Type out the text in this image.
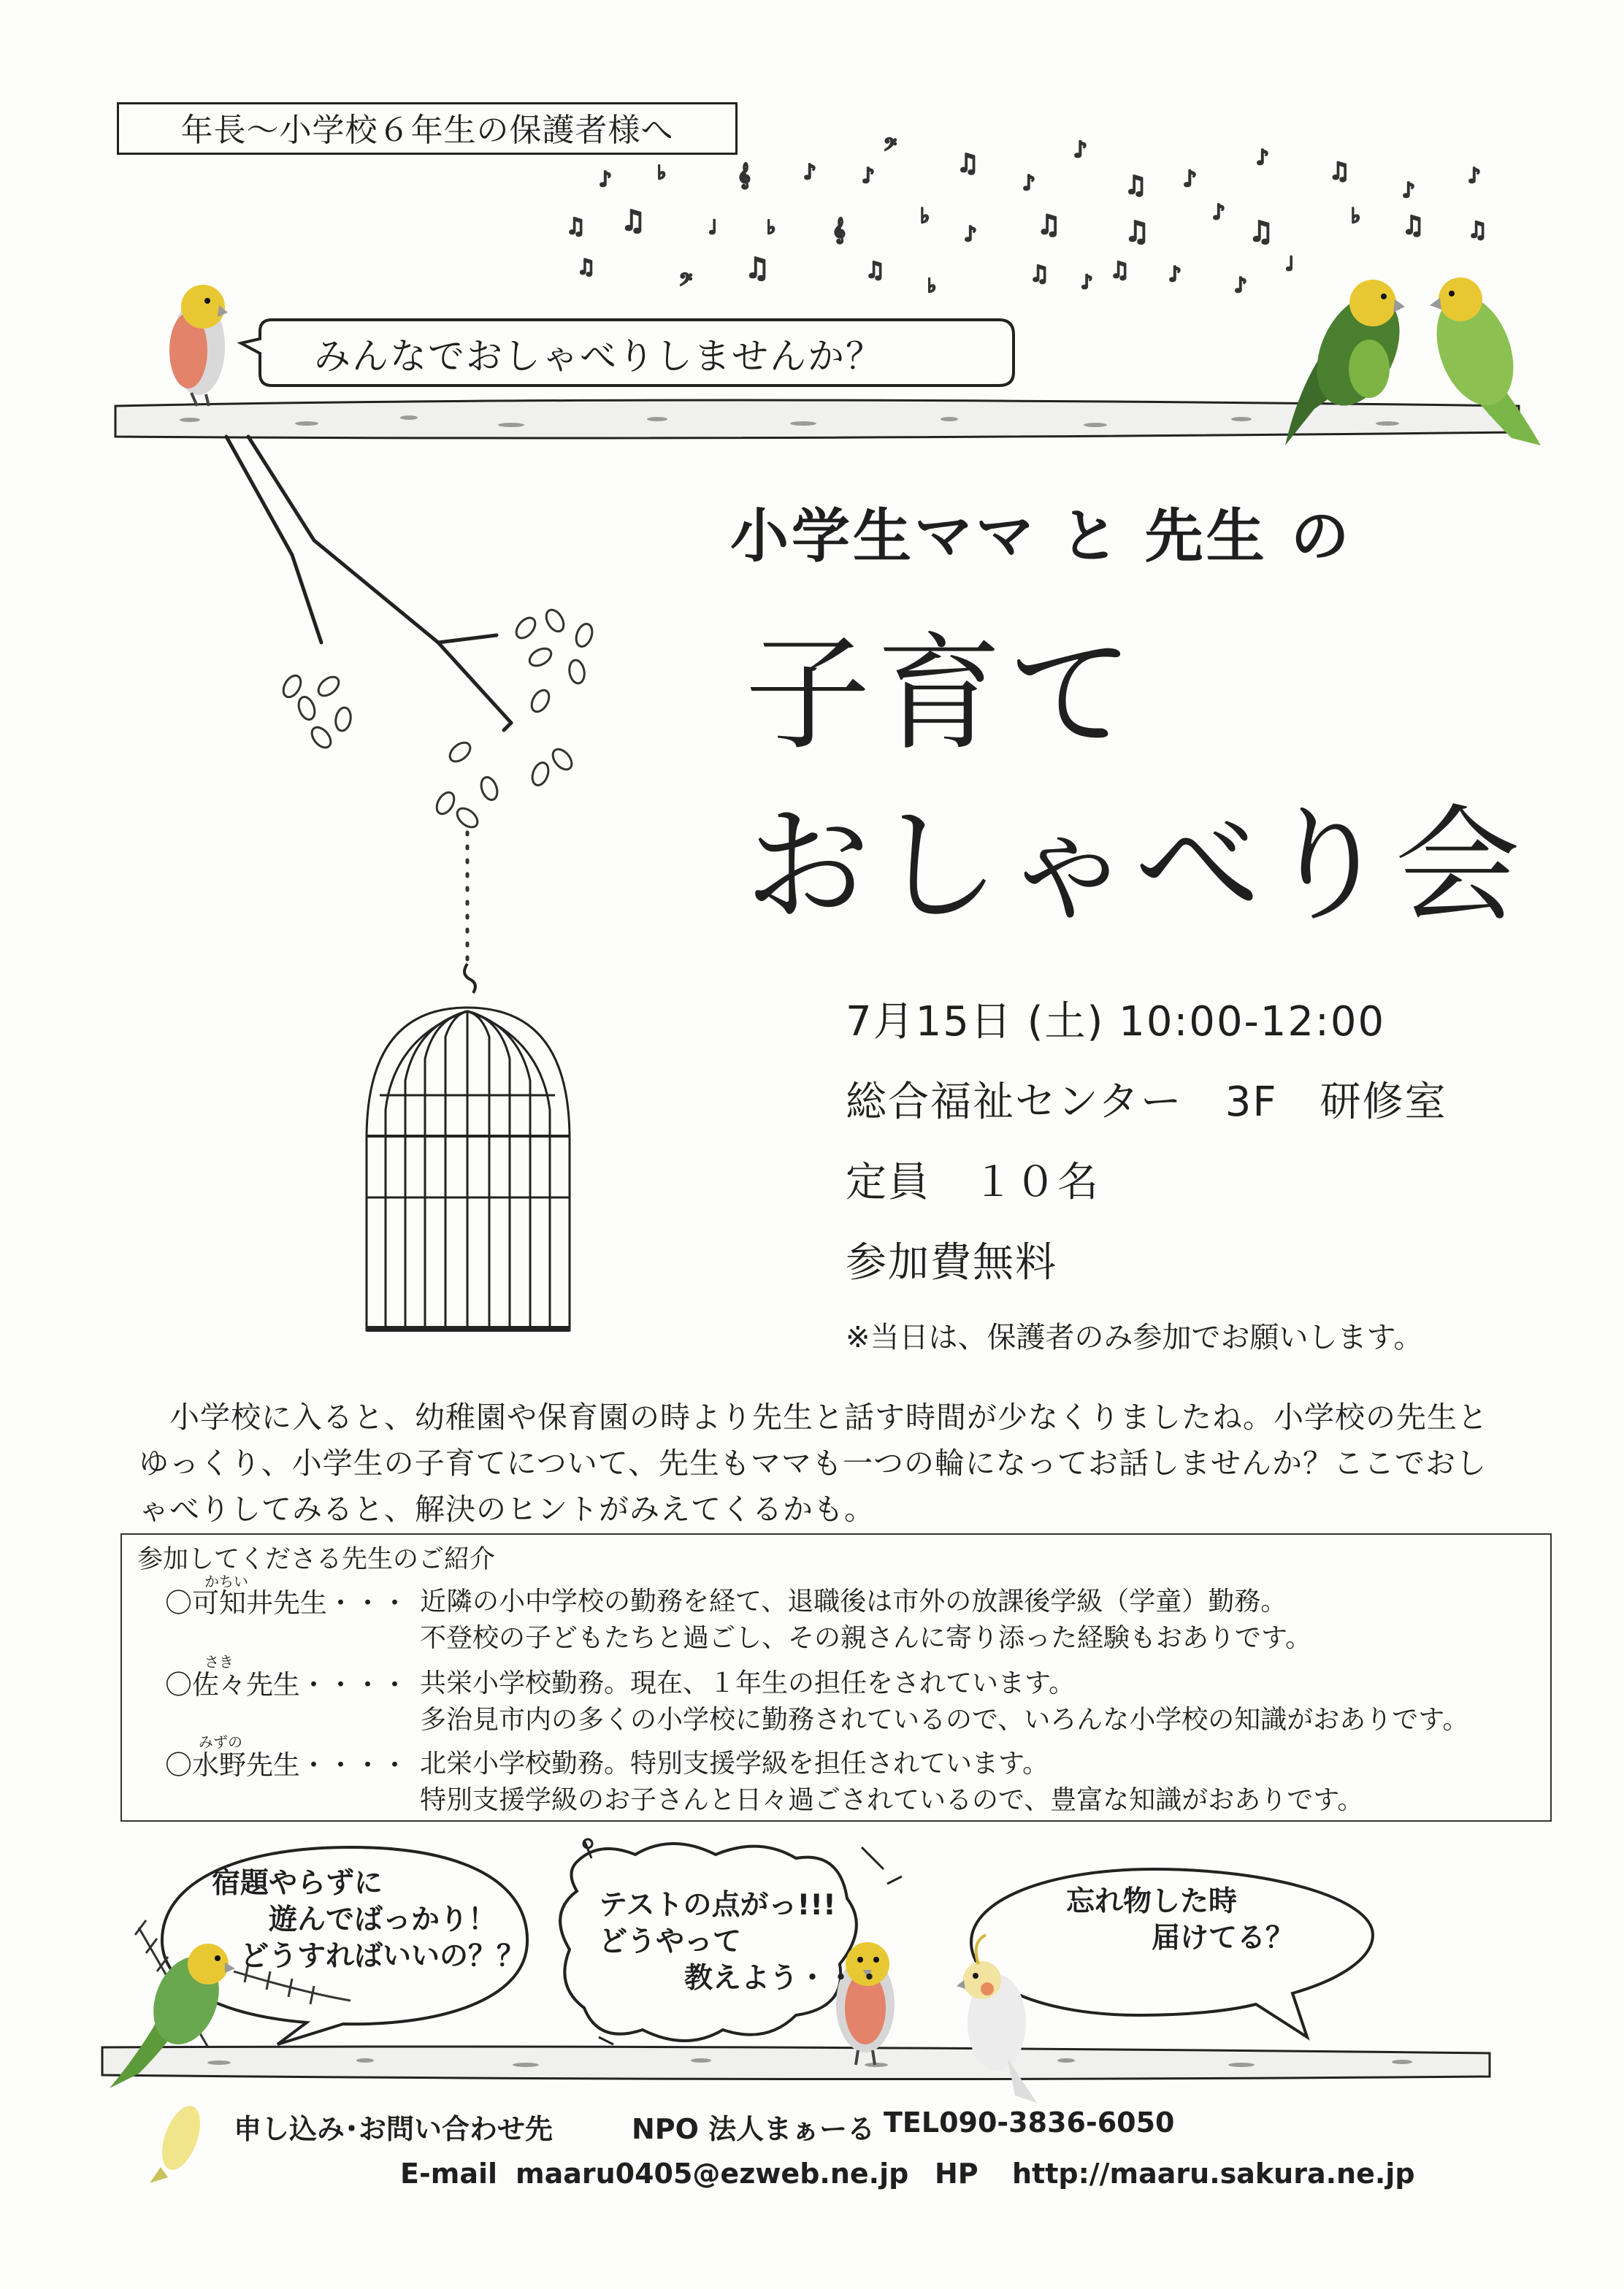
♪ ♭	𝄞	♪ ♪
𝄢
♫
♪
♪
♫ ♪
♪	♫
♪
♪
♫ ♫	♩	♭	𝄞
♭
♪ ♫ ♫
♪
♫	♭ ♫ ♫
♫
𝄢 ♫	♫
♭	♫ ♪ ♫ ♪	♪
♩
年長〜小学校６年生の保護者様へ
みんなでおしゃべりしませんか？
小学生ママ と 先生 の
子育て
おしゃべり会
7月15日 (土) 10:00-12:00
総合福祉センター　3F　研修室
定員　１０名
参加費無料
※当日は、保護者のみ参加でお願いします。
　小学校に入ると、幼稚園や保育園の時より先生と話す時間が少なくりましたね。小学校の先生とゆっくり、小学生の子育てについて、先生もママも一つの輪になってお話しませんか？ここでおしゃべりしてみると、解決のヒントがみえてくるかも。
参加してくださる先生のご紹介
かちい
〇可知井先生・・・ 近隣の小中学校の勤務を経て、退職後は市外の放課後学級（学童）勤務。
不登校の子どもたちと過ごし、その親さんに寄り添った経験もおありです。
さき
〇佐々先生・・・・ 共栄小学校勤務。現在、１年生の担任をされています。
多治見市内の多くの小学校に勤務されているので、いろんな小学校の知識がおありです。
みずの
〇水野先生・・・・ 北栄小学校勤務。特別支援学級を担任されています。
特別支援学級のお子さんと日々過ごされているので、豊富な知識がおありです。
宿題やらずに
　　遊んでばっかり！
　どうすればいいの？？
テストの点がっ!!!
どうやって
　　　教えよう・・・
忘れ物した時
　　　届けてる？
申し込み･お問い合わせ先	NPO 法人まぁーる TEL090-3836-6050
E-mail maaru0405@ezweb.ne.jp HP http://maaru.sakura.ne.jp
